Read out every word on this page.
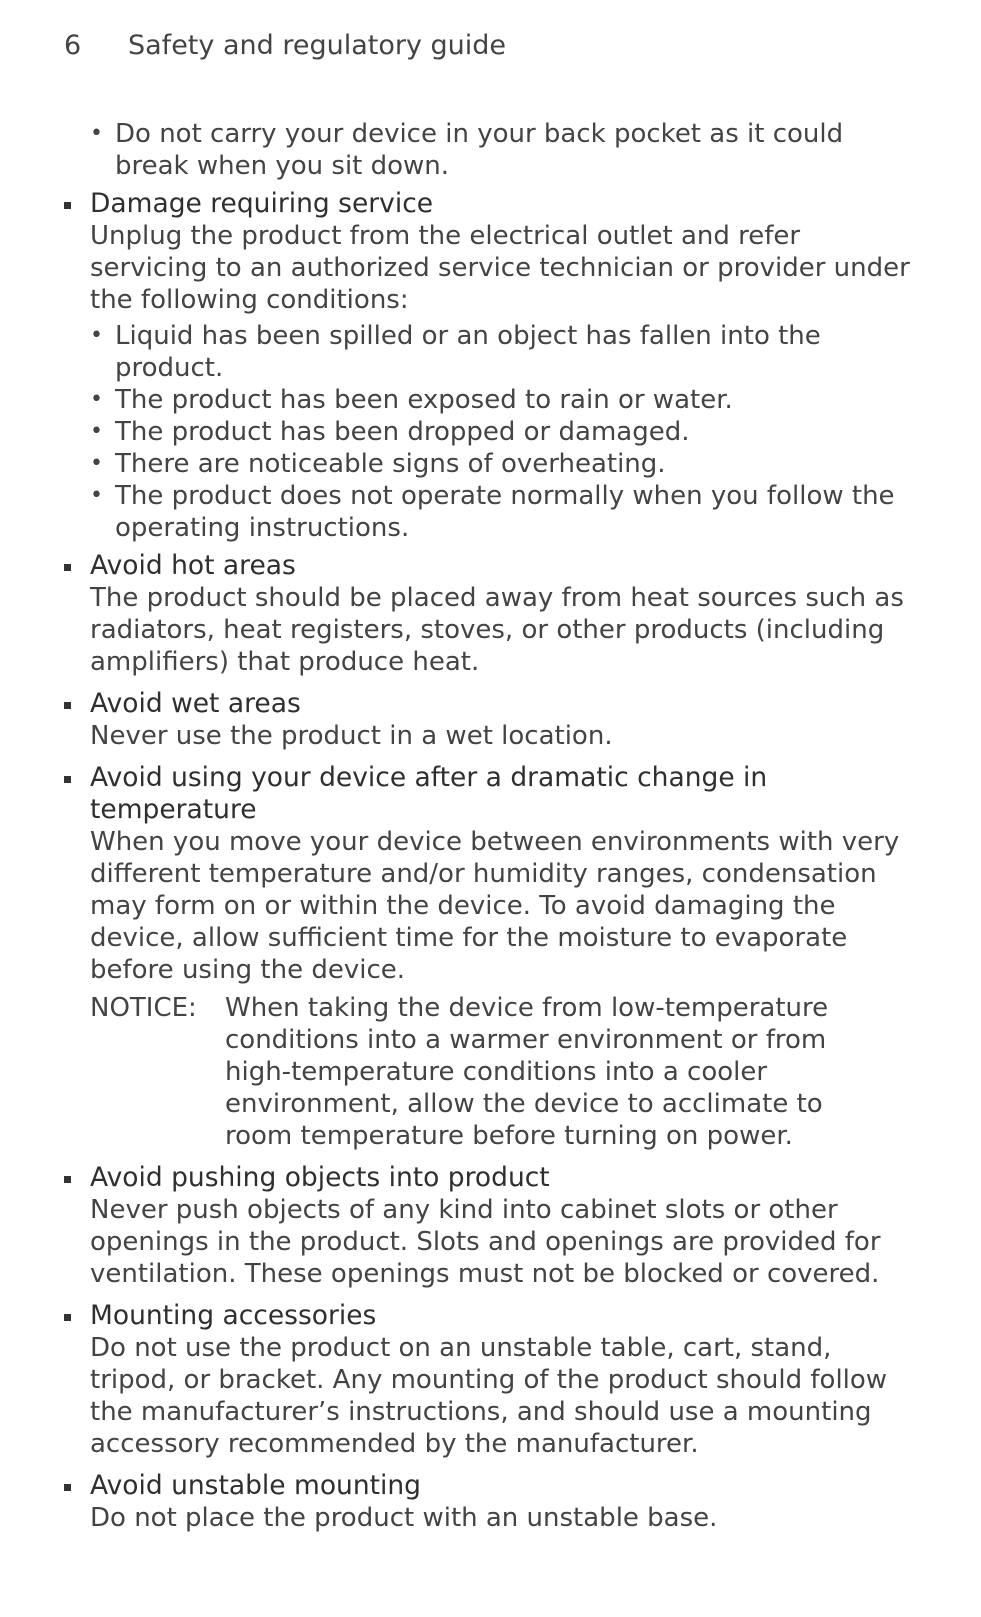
6 Safety and regulatory guide
• Do not carry your device in your back pocket as it could break when you sit down.
Damage requiring service
Unplug the product from the electrical outlet and refer servicing to an authorized service technician or provider under the following conditions:
• Liquid has been spilled or an object has fallen into the product.
• The product has been exposed to rain or water.
• The product has been dropped or damaged.
• There are noticeable signs of overheating.
• The product does not operate normally when you follow the operating instructions.
Avoid hot areas
The product should be placed away from heat sources such as radiators, heat registers, stoves, or other products (including amplifiers) that produce heat.
Avoid wet areas
Never use the product in a wet location.
Avoid using your device after a dramatic change in temperature
When you move your device between environments with very different temperature and/or humidity ranges, condensation may form on or within the device. To avoid damaging the device, allow sufficient time for the moisture to evaporate before using the device.
NOTICE:	When taking the device from low-temperature conditions into a warmer environment or from high-temperature conditions into a cooler environment, allow the device to acclimate to room temperature before turning on power.
Avoid pushing objects into product
Never push objects of any kind into cabinet slots or other openings in the product. Slots and openings are provided for ventilation. These openings must not be blocked or covered.
Mounting accessories
Do not use the product on an unstable table, cart, stand, tripod, or bracket. Any mounting of the product should follow the manufacturer’s instructions, and should use a mounting accessory recommended by the manufacturer.
Avoid unstable mounting
Do not place the product with an unstable base.
